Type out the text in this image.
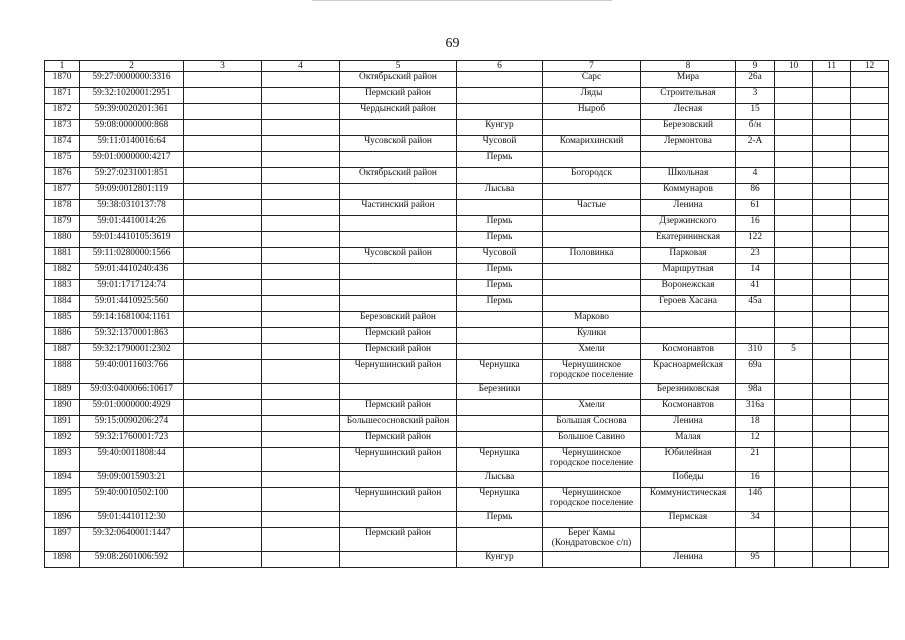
69
1	2	3	4	5	6	7	8	9	10	11	12
1870	59:27:0000000:3316			Октябрьский район		Сарс	Мира	26а			
1871	59:32:1020001:2951			Пермский район		Ляды	Строительная	3			
1872	59:39:0020201:361			Чердынский район		Ныроб	Лесная	15			
1873	59:08:0000000:868				Кунгур		Березовский	б/н			
1874	59:11:0140016:64			Чусовской район	Чусовой	Комарихинский	Лермонтова	2-А			
1875	59:01:0000000:4217				Пермь						
1876	59:27:0231001:851			Октябрьский район		Богородск	Школьная	4			
1877	59:09:0012801:119				Лысьва		Коммунаров	86			
1878	59:38:0310137:78			Частинский район		Частые	Ленина	61			
1879	59:01:4410014:26				Пермь		Дзержинского	16			
1880	59:01:4410105:3619				Пермь		Екатерининская	122			
1881	59:11:0280000:1566			Чусовской район	Чусовой	Половинка	Парковая	23			
1882	59:01:4410240:436				Пермь		Маршрутная	14			
1883	59:01:1717124:74				Пермь		Воронежская	41			
1884	59:01:4410925:560				Пермь		Героев Хасана	45а			
1885	59:14:1681004:1161			Березовский район		Марково					
1886	59:32:1370001:863			Пермский район		Кулики					
1887	59:32:1790001:2302			Пермский район		Хмели	Космонавтов	310	5		
1888	59:40:0011603:766			Чернушинский район	Чернушка	Чернушинское городское поселение	Красноармейская	69а			
1889	59:03:0400066:10617				Березники		Березниковская	98а			
1890	59:01:0000000:4929			Пермский район		Хмели	Космонавтов	316а			
1891	59:15:0090206:274			Большесосновский район		Большая Соснова	Ленина	18			
1892	59:32:1760001:723			Пермский район		Большое Савино	Малая	12			
1893	59:40:0011808:44			Чернушинский район	Чернушка	Чернушинское городское поселение	Юбилейная	21			
1894	59:09:0015903:21				Лысьва		Победы	16			
1895	59:40:0010502:100			Чернушинский район	Чернушка	Чернушинское городское поселение	Коммунистическая	14б			
1896	59:01:4410112:30				Пермь		Пермская	34			
1897	59:32:0640001:1447			Пермский район		Берег Камы (Кондратовское с/п)					
1898	59:08:2601006:592				Кунгур		Ленина	95			
